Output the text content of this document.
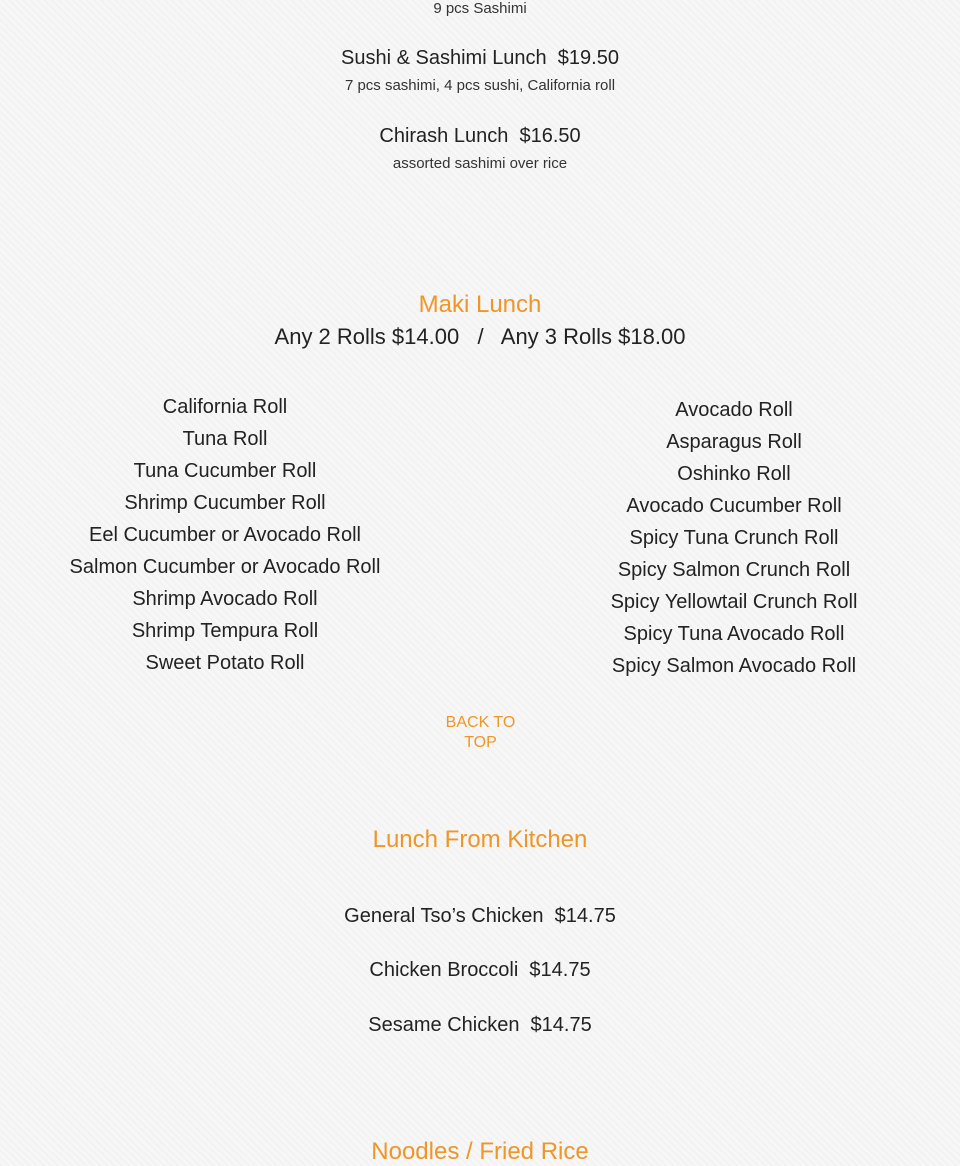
9 pcs Sashimi
Sushi & Sashimi Lunch  $19.50
7 pcs sashimi, 4 pcs sushi, California roll
Chirash Lunch  $16.50
assorted sashimi over rice
Maki Lunch
Any 2 Rolls $14.00   /   Any 3 Rolls $18.00
California Roll
Tuna Roll
Tuna Cucumber Roll
Shrimp Cucumber Roll
Eel Cucumber or Avocado Roll
Salmon Cucumber or Avocado Roll
Shrimp Avocado Roll
Shrimp Tempura Roll
Sweet Potato Roll
Avocado Roll
Asparagus Roll
Oshinko Roll
Avocado Cucumber Roll
Spicy Tuna Crunch Roll
Spicy Salmon Crunch Roll
Spicy Yellowtail Crunch Roll
Spicy Tuna Avocado Roll
Spicy Salmon Avocado Roll
BACK TO
TOP
Lunch From Kitchen
General Tso’s Chicken  $14.75
Chicken Broccoli  $14.75
Sesame Chicken  $14.75
Noodles / Fried Rice
